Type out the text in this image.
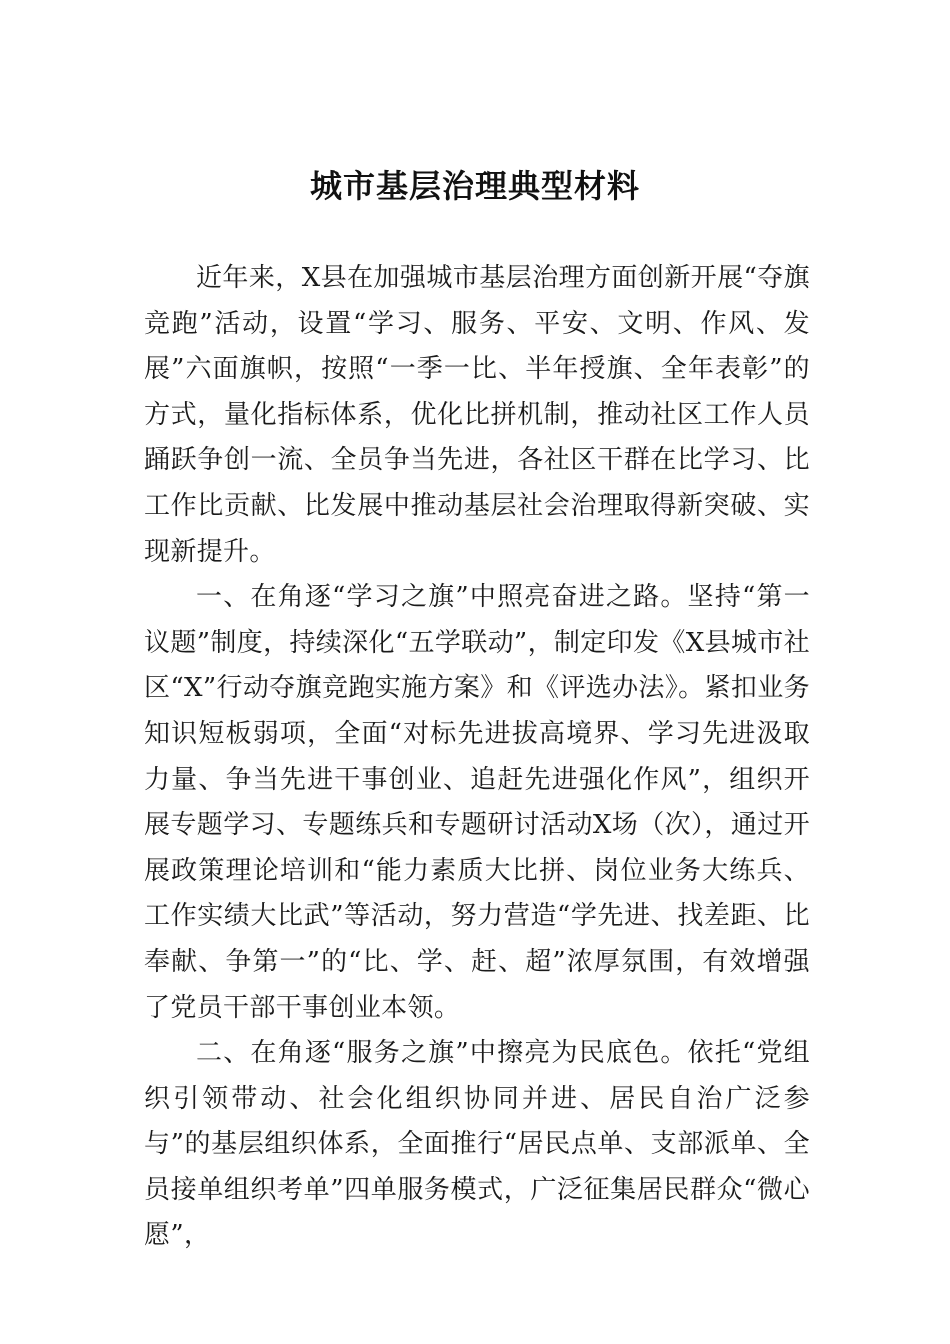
城市基层治理典型材料

近年来，X县在加强城市基层治理方面创新开展“夺旗竞跑”活动，设置“学习、服务、平安、文明、作风、发展”六面旗帜，按照“一季一比、半年授旗、全年表彰”的方式，量化指标体系，优化比拼机制，推动社区工作人员踊跃争创一流、全员争当先进，各社区干群在比学习、比工作比贡献、比发展中推动基层社会治理取得新突破、实现新提升。

一、在角逐“学习之旗”中照亮奋进之路。坚持“第一议题”制度，持续深化“五学联动”，制定印发《X县城市社区“X”行动夺旗竞跑实施方案》和《评选办法》。紧扣业务知识短板弱项，全面“对标先进拔高境界、学习先进汲取力量、争当先进干事创业、追赶先进强化作风”，组织开展专题学习、专题练兵和专题研讨活动X场（次），通过开展政策理论培训和“能力素质大比拼、岗位业务大练兵、工作实绩大比武”等活动，努力营造“学先进、找差距、比奉献、争第一”的“比、学、赶、超”浓厚氛围，有效增强了党员干部干事创业本领。

二、在角逐“服务之旗”中擦亮为民底色。依托“党组织引领带动、社会化组织协同并进、居民自治广泛参与”的基层组织体系，全面推行“居民点单、支部派单、全员接单组织考单”四单服务模式，广泛征集居民群众“微心愿”，
